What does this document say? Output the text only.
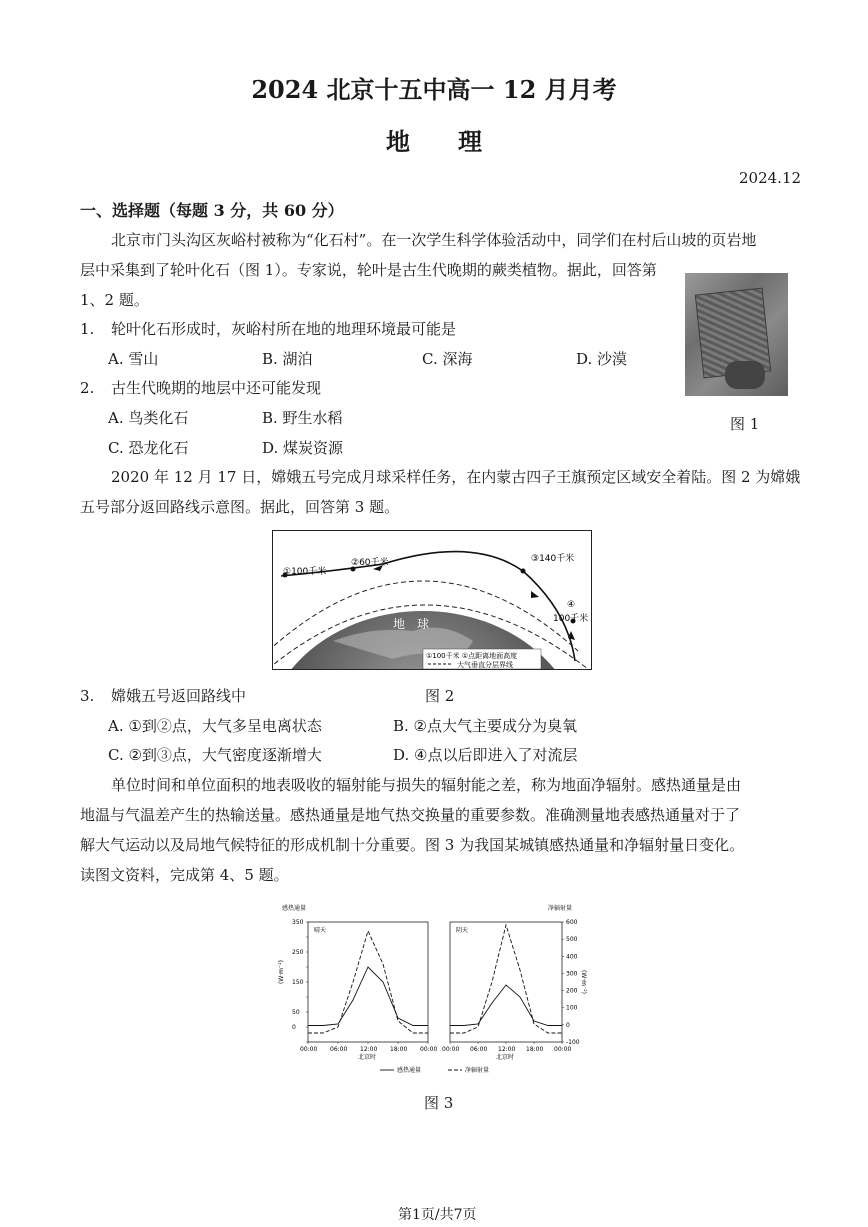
2024 北京十五中高一 12 月月考
地　　理
2024.12
一、选择题（每题 3 分，共 60 分）
北京市门头沟区灰峪村被称为“化石村”。在一次学生科学体验活动中，同学们在村后山坡的页岩地
层中采集到了轮叶化石（图 1）。专家说，轮叶是古生代晚期的蕨类植物。据此，回答第
1、2 题。
1. 轮叶化石形成时，灰峪村所在地的地理环境最可能是
A. 雪山	B. 湖泊	C. 深海	D. 沙漠
2. 古生代晚期的地层中还可能发现
A. 鸟类化石	B. 野生水稻
C. 恐龙化石	D. 煤炭资源
图 1
2020 年 12 月 17 日，嫦娥五号完成月球采样任务，在内蒙古四子王旗预定区域安全着陆。图 2 为嫦娥
五号部分返回路线示意图。据此，回答第 3 题。
①100千米
②60千米	③140千米
④
100千米
地　球
①100千米 ①点距离地面高度
大气垂直分层界线
3. 嫦娥五号返回路线中	图 2
A. ①到②点，大气多呈电离状态	B. ②点大气主要成分为臭氧
C. ②到③点，大气密度逐渐增大	D. ④点以后即进入了对流层
单位时间和单位面积的地表吸收的辐射能与损失的辐射能之差，称为地面净辐射。感热通量是由
地温与气温差产生的热输送量。感热通量是地气热交换量的重要参数。准确测量地表感热通量对于了
解大气运动以及局地气候特征的形成机制十分重要。图 3 为我国某城镇感热通量和净辐射量日变化。
读图文资料，完成第 4、5 题。
感热通量
(W·m⁻²)
净辐射量
(W·m⁻²)
晴天
00:00 06:00 12:00 18:00 00:00
北京时
阴天
00:00 06:00 12:00 18:00 00:00
北京时
0
50
150
250
350
-100
0
100
200
300
400
500
600
感热通量	净辐射量
图 3
第1页/共7页
